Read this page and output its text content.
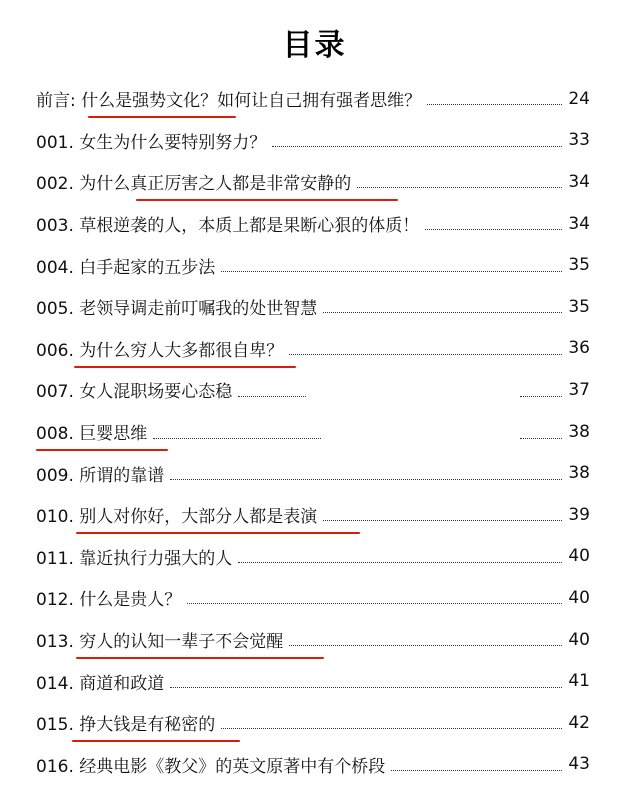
目录
前言: 什么是强势文化？如何让自己拥有强者思维？	24
001. 女生为什么要特别努力？	33
002. 为什么真正厉害之人都是非常安静的	34
003. 草根逆袭的人，本质上都是果断心狠的体质！	34
004. 白手起家的五步法	35
005. 老领导调走前叮嘱我的处世智慧	35
006. 为什么穷人大多都很自卑？	36
007. 女人混职场要心态稳	37
008. 巨婴思维	38
009. 所谓的靠谱	38
010. 别人对你好，大部分人都是表演	39
011. 靠近执行力强大的人	40
012. 什么是贵人？	40
013. 穷人的认知一辈子不会觉醒	40
014. 商道和政道	41
015. 挣大钱是有秘密的	42
016. 经典电影《教父》的英文原著中有个桥段	43
